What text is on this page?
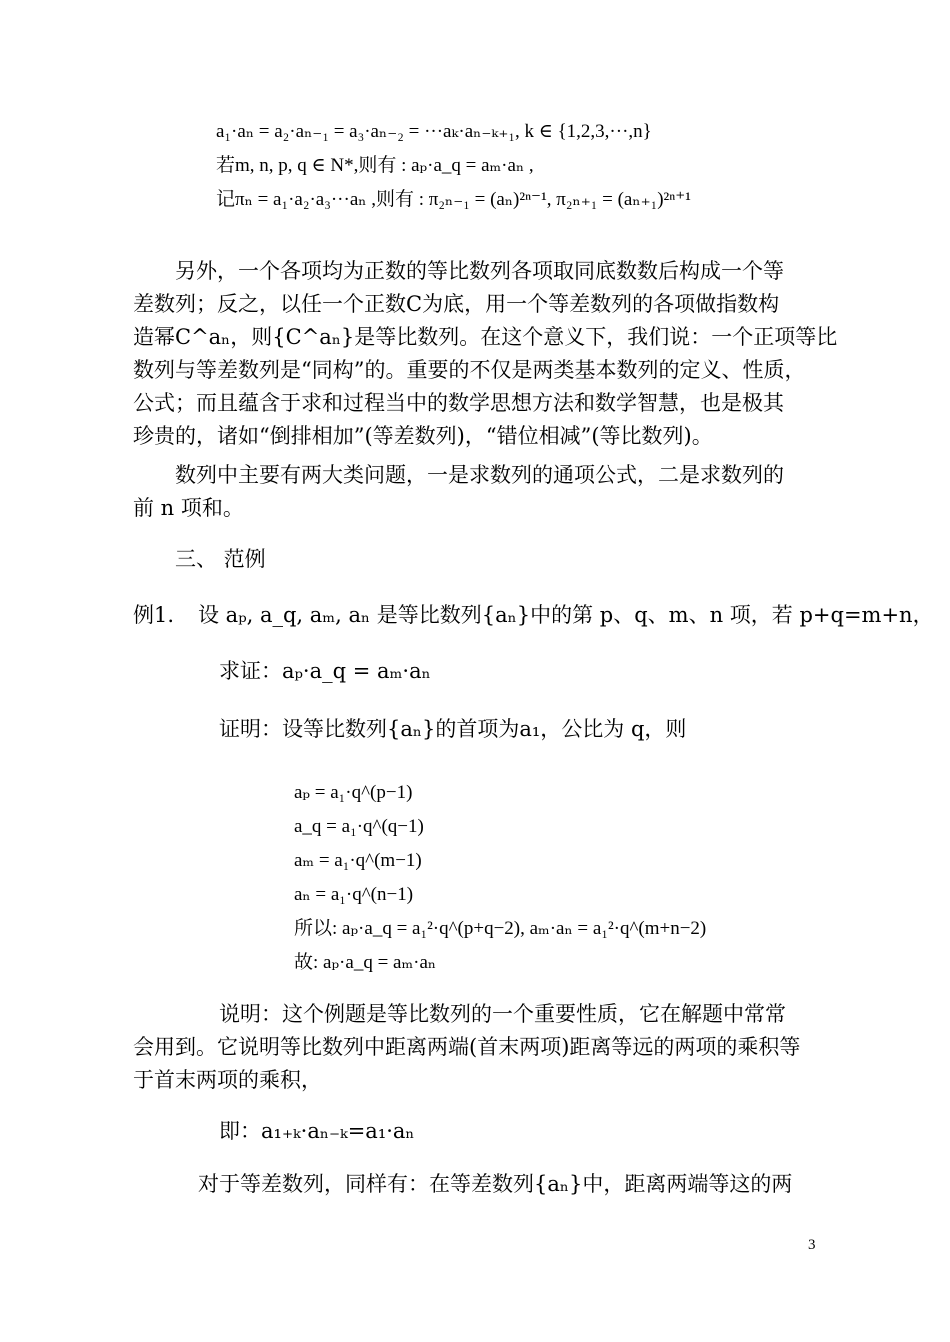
a₁·aₙ = a₂·aₙ₋₁ = a₃·aₙ₋₂ = ···aₖ·aₙ₋ₖ₊₁, k ∈ {1,2,3,···,n}
若m, n, p, q ∈ N*,则有 : aₚ·a_q = aₘ·aₙ ,
记πₙ = a₁·a₂·a₃···aₙ ,则有 : π₂ₙ₋₁ = (aₙ)²ⁿ⁻¹, π₂ₙ₊₁ = (aₙ₊₁)²ⁿ⁺¹
另外，一个各项均为正数的等比数列各项取同底数数后构成一个等
差数列；反之，以任一个正数C为底，用一个等差数列的各项做指数构
造幂C^aₙ，则{C^aₙ}是等比数列。在这个意义下，我们说：一个正项等比
数列与等差数列是“同构”的。重要的不仅是两类基本数列的定义、性质，
公式；而且蕴含于求和过程当中的数学思想方法和数学智慧，也是极其
珍贵的，诸如“倒排相加”(等差数列)，“错位相减”(等比数列)。
数列中主要有两大类问题，一是求数列的通项公式，二是求数列的
前 n 项和。
三、 范例
例1. 设 aₚ, a_q, aₘ, aₙ 是等比数列{aₙ}中的第 p、q、m、n 项，若 p+q=m+n，
求证：aₚ·a_q = aₘ·aₙ
证明：设等比数列{aₙ}的首项为a₁，公比为 q，则
aₚ = a₁·q^(p−1)
a_q = a₁·q^(q−1)
aₘ = a₁·q^(m−1)
aₙ = a₁·q^(n−1)
所以: aₚ·a_q = a₁²·q^(p+q−2), aₘ·aₙ = a₁²·q^(m+n−2)
故: aₚ·a_q = aₘ·aₙ
说明：这个例题是等比数列的一个重要性质，它在解题中常常
会用到。它说明等比数列中距离两端(首末两项)距离等远的两项的乘积等
于首末两项的乘积，
即：a₁₊ₖ·aₙ₋ₖ=a₁·aₙ
对于等差数列，同样有：在等差数列{aₙ}中，距离两端等这的两
3
